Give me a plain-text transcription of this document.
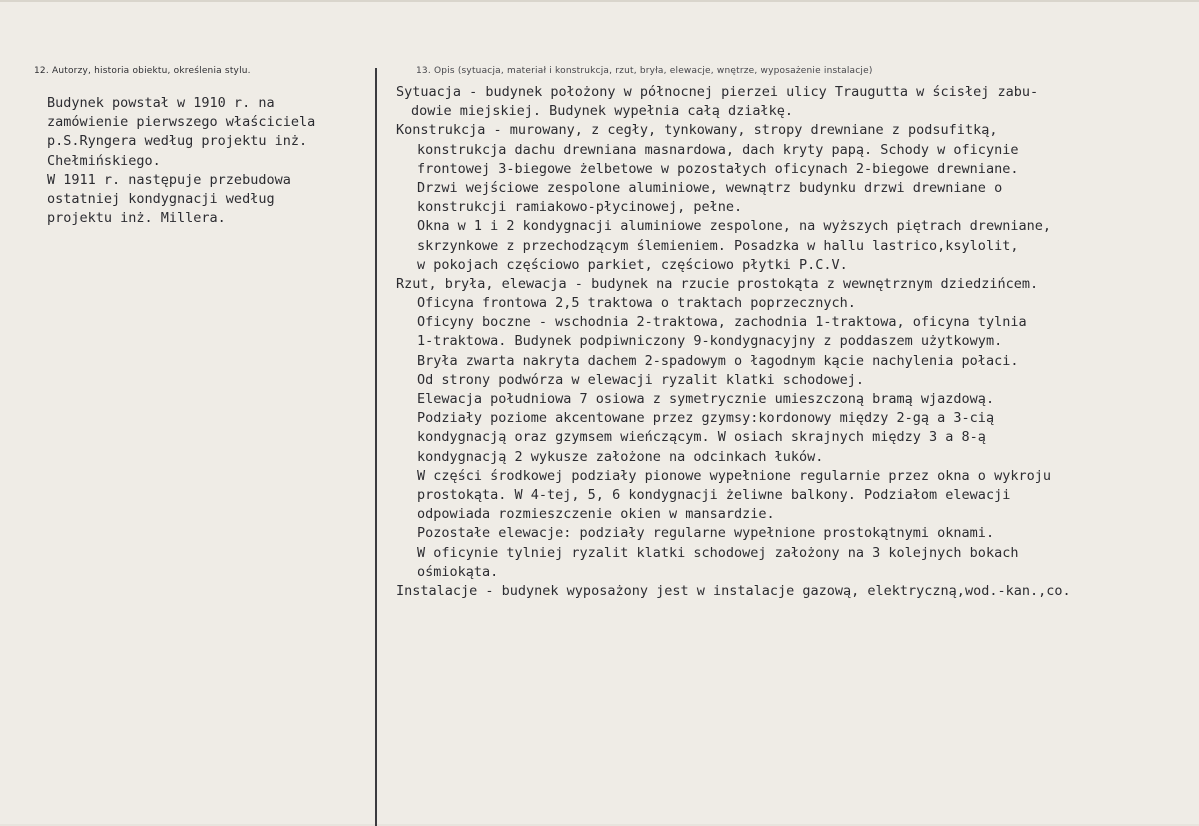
12. Autorzy, historia obiektu, określenia stylu.	13. Opis (sytuacja, materiał i konstrukcja, rzut, bryła, elewacje, wnętrze, wyposażenie instalacje)
Budynek powstał w 1910 r. na
zamówienie pierwszego właściciela
p.S.Ryngera według projektu inż.
Chełmińskiego.
W 1911 r. następuje przebudowa
ostatniej kondygnacji według
projektu inż. Millera.
Sytuacja - budynek położony w północnej pierzei ulicy Traugutta w ścisłej zabu-
dowie miejskiej. Budynek wypełnia całą działkę.
Konstrukcja - murowany, z cegły, tynkowany, stropy drewniane z podsufitką,
konstrukcja dachu drewniana masnardowa, dach kryty papą. Schody w oficynie
frontowej 3-biegowe żelbetowe w pozostałych oficynach 2-biegowe drewniane.
Drzwi wejściowe zespolone aluminiowe, wewnątrz budynku drzwi drewniane o
konstrukcji ramiakowo-płycinowej, pełne.
Okna w 1 i 2 kondygnacji aluminiowe zespolone, na wyższych piętrach drewniane,
skrzynkowe z przechodzącym ślemieniem. Posadzka w hallu lastrico,ksylolit,
w pokojach częściowo parkiet, częściowo płytki P.C.V.
Rzut, bryła, elewacja - budynek na rzucie prostokąta z wewnętrznym dziedzińcem.
Oficyna frontowa 2,5 traktowa o traktach poprzecznych.
Oficyny boczne - wschodnia 2-traktowa, zachodnia 1-traktowa, oficyna tylnia
1-traktowa. Budynek podpiwniczony 9-kondygnacyjny z poddaszem użytkowym.
Bryła zwarta nakryta dachem 2-spadowym o łagodnym kącie nachylenia połaci.
Od strony podwórza w elewacji ryzalit klatki schodowej.
Elewacja południowa 7 osiowa z symetrycznie umieszczoną bramą wjazdową.
Podziały poziome akcentowane przez gzymsy:kordonowy między 2-gą a 3-cią
kondygnacją oraz gzymsem wieńczącym. W osiach skrajnych między 3 a 8-ą
kondygnacją 2 wykusze założone na odcinkach łuków.
W części środkowej podziały pionowe wypełnione regularnie przez okna o wykroju
prostokąta. W 4-tej, 5, 6 kondygnacji żeliwne balkony. Podziałom elewacji
odpowiada rozmieszczenie okien w mansardzie.
Pozostałe elewacje: podziały regularne wypełnione prostokątnymi oknami.
W oficynie tylniej ryzalit klatki schodowej założony na 3 kolejnych bokach
ośmiokąta.
Instalacje - budynek wyposażony jest w instalacje gazową, elektryczną,wod.-kan.,co.
